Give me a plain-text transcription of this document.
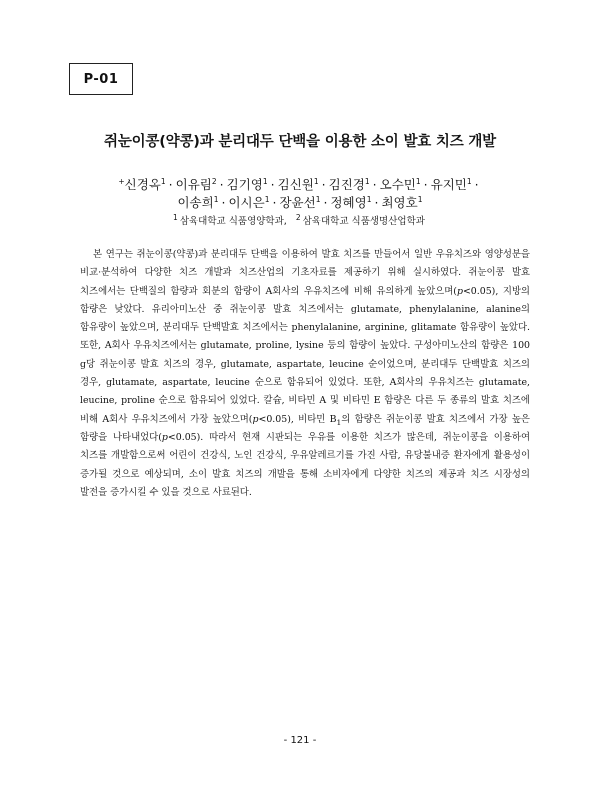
P-01
쥐눈이콩(약콩)과 분리대두 단백을 이용한 소이 발효 치즈 개발
+신경옥$^1$ · 이유림$^2$ · 김기영$^1$ · 김신원$^1$ · 김진경$^1$ · 오수민$^1$ · 유지민$^1$ ·
이송희$^1$ · 이시은$^1$ · 장윤선$^1$ · 정혜영$^1$ · 최영호$^1$
$^1$ 삼육대학교 식품영양학과, $^2$ 삼육대학교 식품생명산업학과
본 연구는 쥐눈이콩(약콩)과 분리대두 단백을 이용하여 발효 치즈를 만들어서 일반 우유치즈와 영양성분을 비교·분석하여 다양한 치즈 개발과 치즈산업의 기초자료를 제공하기 위해 실시하였다. 쥐눈이콩 발효 치즈에서는 단백질의 함량과 회분의 함량이 A회사의 우유치즈에 비해 유의하게 높았으며(p<0.05), 지방의 함량은 낮았다. 유리아미노산 중 쥐눈이콩 발효 치즈에서는 glutamate, phenylalanine, alanine의 함유량이 높았으며, 분리대두 단백발효 치즈에서는 phenylalanine, arginine, glitamate 함유량이 높았다. 또한, A회사 우유치즈에서는 glutamate, proline, lysine 등의 함량이 높았다. 구성아미노산의 함량은 100 g당 쥐눈이콩 발효 치즈의 경우, glutamate, aspartate, leucine 순이었으며, 분리대두 단백발효 치즈의 경우, glutamate, aspartate, leucine 순으로 함유되어 있었다. 또한, A회사의 우유치즈는 glutamate, leucine, proline 순으로 함유되어 있었다. 칼슘, 비타민 A 및 비타민 E 함량은 다른 두 종류의 발효 치즈에 비해 A회사 우유치즈에서 가장 높았으며(p<0.05), 비타민 $B_1$의 함량은 쥐눈이콩 발효 치즈에서 가장 높은 함량을 나타내었다(p<0.05). 따라서 현재 시판되는 우유를 이용한 치즈가 많은데, 쥐눈이콩을 이용하여 치즈를 개발함으로써 어린이 건강식, 노인 건강식, 우유알레르기를 가진 사람, 유당불내증 환자에게 활용성이 증가될 것으로 예상되며, 소이 발효 치즈의 개발을 통해 소비자에게 다양한 치즈의 제공과 치즈 시장성의 발전을 증가시킬 수 있을 것으로 사료된다.
- 121 -
